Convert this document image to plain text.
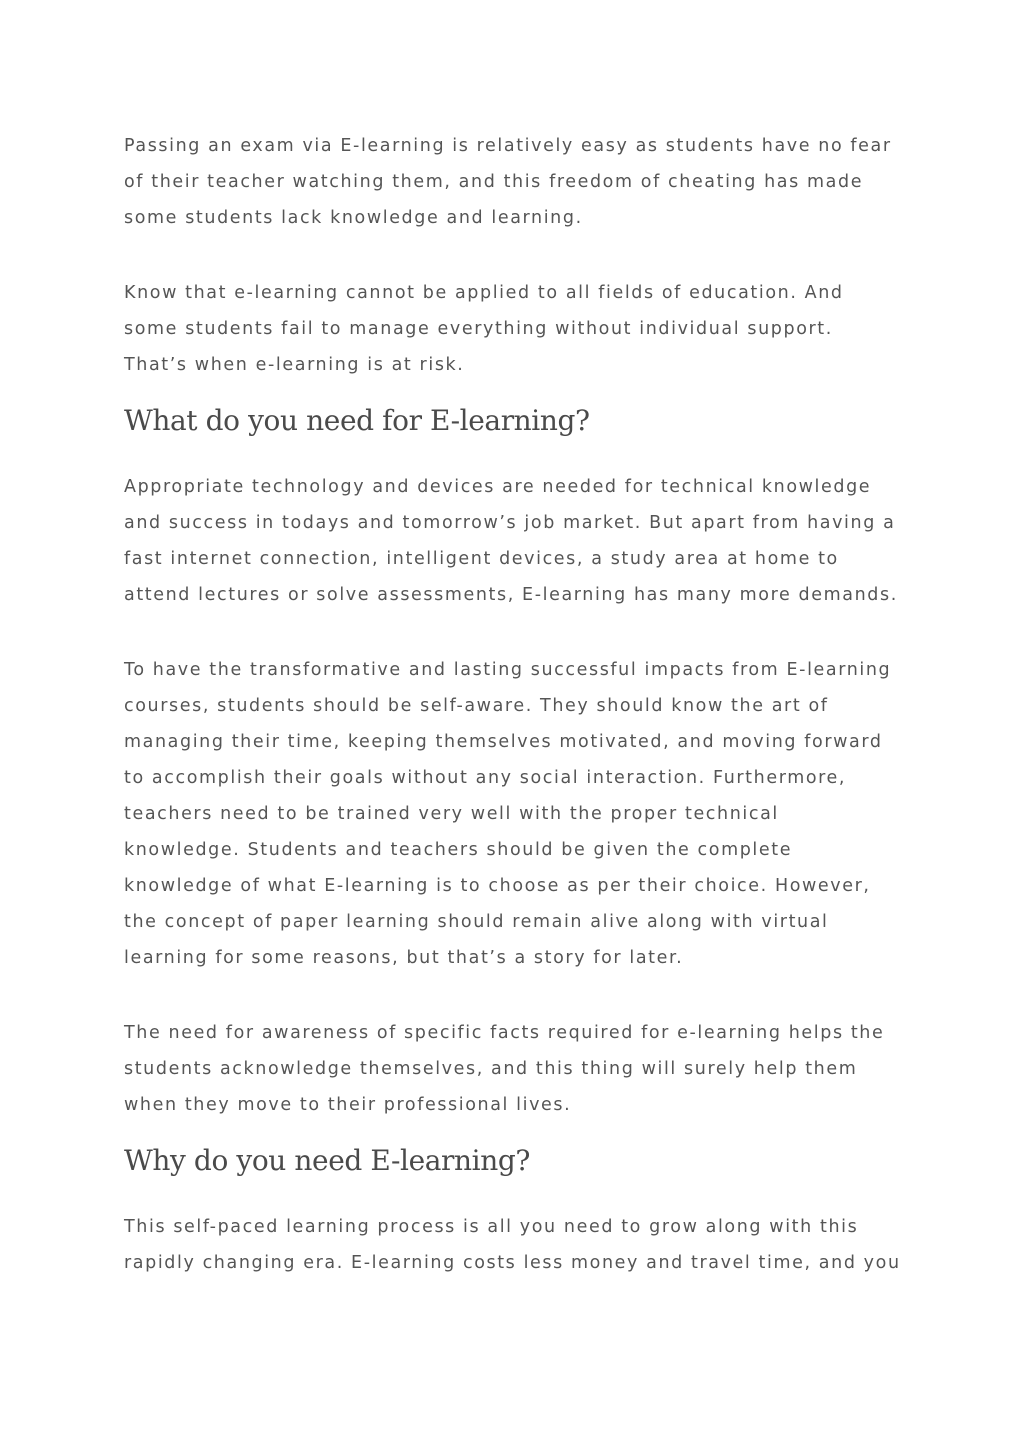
Passing an exam via E-learning is relatively easy as students have no fear
of their teacher watching them, and this freedom of cheating has made
some students lack knowledge and learning.

Know that e-learning cannot be applied to all fields of education. And
some students fail to manage everything without individual support.
That’s when e-learning is at risk.

What do you need for E-learning?

Appropriate technology and devices are needed for technical knowledge
and success in todays and tomorrow’s job market. But apart from having a
fast internet connection, intelligent devices, a study area at home to
attend lectures or solve assessments, E-learning has many more demands.

To have the transformative and lasting successful impacts from E-learning
courses, students should be self-aware. They should know the art of
managing their time, keeping themselves motivated, and moving forward
to accomplish their goals without any social interaction. Furthermore,
teachers need to be trained very well with the proper technical
knowledge. Students and teachers should be given the complete
knowledge of what E-learning is to choose as per their choice. However,
the concept of paper learning should remain alive along with virtual
learning for some reasons, but that’s a story for later.

The need for awareness of specific facts required for e-learning helps the
students acknowledge themselves, and this thing will surely help them
when they move to their professional lives.

Why do you need E-learning?

This self-paced learning process is all you need to grow along with this
rapidly changing era. E-learning costs less money and travel time, and you
